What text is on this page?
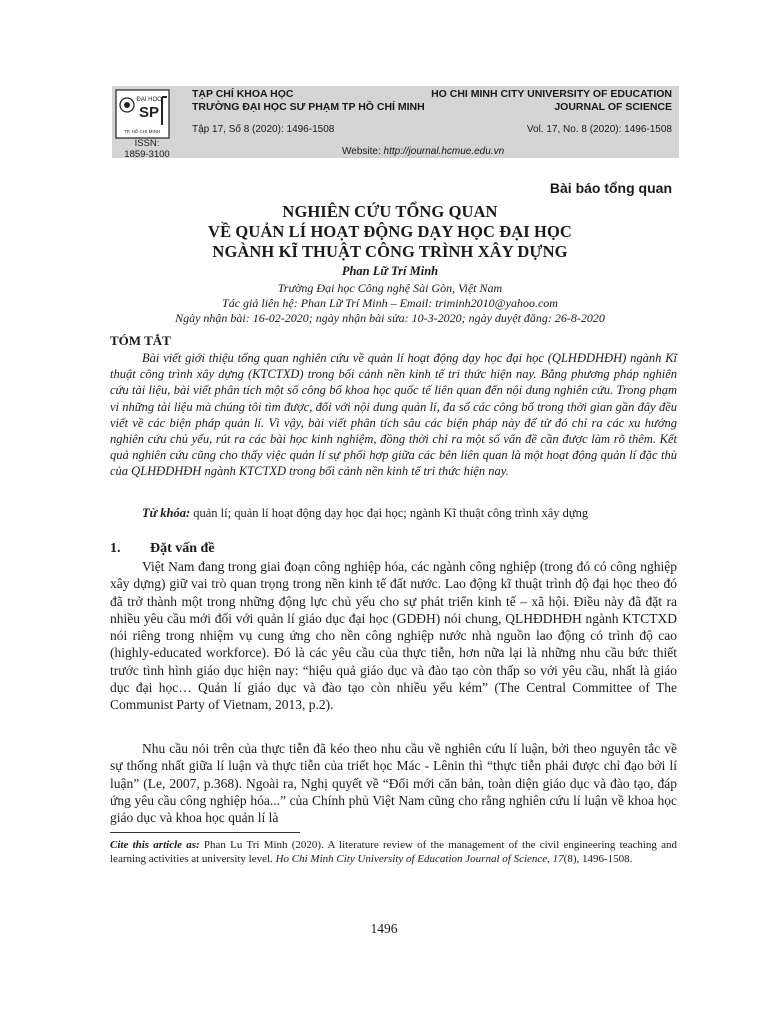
ĐẠI HỌC
SP
TP. HỒ CHÍ MINH
ISSN:
1859-3100
TẠP CHÍ KHOA HỌC
TRƯỜNG ĐẠI HỌC SƯ PHẠM TP HỒ CHÍ MINH
HO CHI MINH CITY UNIVERSITY OF EDUCATION
JOURNAL OF SCIENCE
Tập 17, Số 8 (2020): 1496-1508	Vol. 17, No. 8 (2020): 1496-1508
Website: http://journal.hcmue.edu.vn
Bài báo tổng quan
NGHIÊN CỨU TỔNG QUAN
VỀ QUẢN LÍ HOẠT ĐỘNG DẠY HỌC ĐẠI HỌC
NGÀNH KĨ THUẬT CÔNG TRÌNH XÂY DỰNG
Phan Lữ Trí Minh
Trường Đại học Công nghệ Sài Gòn, Việt Nam
Tác giả liên hệ: Phan Lữ Trí Minh – Email: triminh2010@yahoo.com
Ngày nhận bài: 16-02-2020; ngày nhận bài sửa: 10-3-2020; ngày duyệt đăng: 26-8-2020
TÓM TẮT

Bài viết giới thiệu tổng quan nghiên cứu về quản lí hoạt động dạy học đại học (QLHĐDHĐH) ngành Kĩ thuật công trình xây dựng (KTCTXD) trong bối cảnh nền kinh tế tri thức hiện nay. Bằng phương pháp nghiên cứu tài liệu, bài viết phân tích một số công bố khoa học quốc tế liên quan đến nội dung nghiên cứu. Trong phạm vi những tài liệu mà chúng tôi tìm được, đối với nội dung quản lí, đa số các công bố trong thời gian gần đây đều viết về các biện pháp quản lí. Vì vậy, bài viết phân tích sâu các biện pháp này để từ đó chỉ ra các xu hướng nghiên cứu chủ yếu, rút ra các bài học kinh nghiệm, đồng thời chỉ ra một số vấn đề cần được làm rõ thêm. Kết quả nghiên cứu cũng cho thấy việc quản lí sự phối hợp giữa các bên liên quan là một hoạt động quản lí đặc thù của QLHĐDHĐH ngành KTCTXD trong bối cảnh nền kinh tế tri thức hiện nay.

Từ khóa: quản lí; quản lí hoạt động dạy học đại học; ngành Kĩ thuật công trình xây dựng
1. Đặt vấn đề

Việt Nam đang trong giai đoạn công nghiệp hóa, các ngành công nghiệp (trong đó có công nghiệp xây dựng) giữ vai trò quan trọng trong nền kinh tế đất nước. Lao động kĩ thuật trình độ đại học theo đó đã trở thành một trong những động lực chủ yếu cho sự phát triển kinh tế – xã hội. Điều này đã đặt ra nhiều yêu cầu mới đối với quản lí giáo dục đại học (GDĐH) nói chung, QLHĐDHĐH ngành KTCTXD nói riêng trong nhiệm vụ cung ứng cho nền công nghiệp nước nhà nguồn lao động có trình độ cao (highly-educated workforce). Đó là các yêu cầu của thực tiễn, hơn nữa lại là những nhu cầu bức thiết trước tình hình giáo dục hiện nay: “hiệu quả giáo dục và đào tạo còn thấp so với yêu cầu, nhất là giáo dục đại học… Quản lí giáo dục và đào tạo còn nhiều yếu kém” (The Central Committee of The Communist Party of Vietnam, 2013, p.2).

Nhu cầu nói trên của thực tiễn đã kéo theo nhu cầu về nghiên cứu lí luận, bởi theo nguyên tắc về sự thống nhất giữa lí luận và thực tiễn của triết học Mác - Lênin thì “thực tiễn phải được chỉ đạo bởi lí luận” (Le, 2007, p.368). Ngoài ra, Nghị quyết về “Đổi mới căn bản, toàn diện giáo dục và đào tạo, đáp ứng yêu cầu công nghiệp hóa...” của Chính phủ Việt Nam cũng cho rằng nghiên cứu lí luận về khoa học giáo dục và khoa học quản lí là

Cite this article as: Phan Lu Tri Minh (2020). A literature review of the management of the civil engineering teaching and learning activities at university level. Ho Chi Minh City University of Education Journal of Science, 17(8), 1496-1508.

1496
